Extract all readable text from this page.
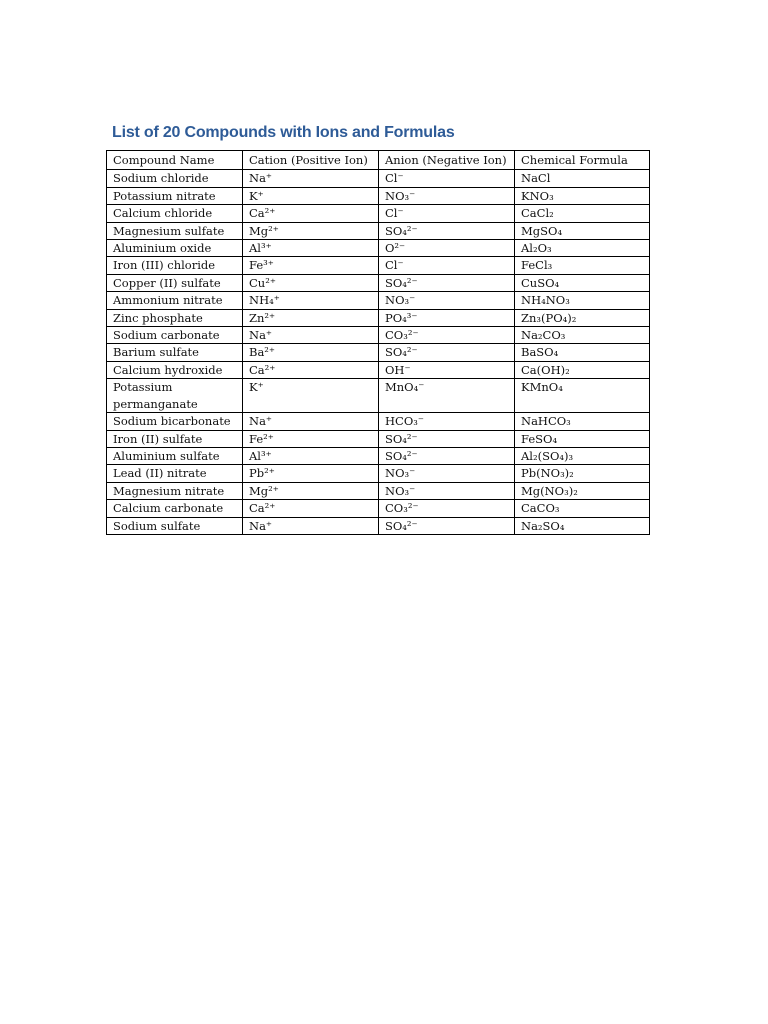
List of 20 Compounds with Ions and Formulas
Compound Name	Cation (Positive Ion)	Anion (Negative Ion)	Chemical Formula
Sodium chloride	Na⁺	Cl⁻	NaCl
Potassium nitrate	K⁺	NO₃⁻	KNO₃
Calcium chloride	Ca²⁺	Cl⁻	CaCl₂
Magnesium sulfate	Mg²⁺	SO₄²⁻	MgSO₄
Aluminium oxide	Al³⁺	O²⁻	Al₂O₃
Iron (III) chloride	Fe³⁺	Cl⁻	FeCl₃
Copper (II) sulfate	Cu²⁺	SO₄²⁻	CuSO₄
Ammonium nitrate	NH₄⁺	NO₃⁻	NH₄NO₃
Zinc phosphate	Zn²⁺	PO₄³⁻	Zn₃(PO₄)₂
Sodium carbonate	Na⁺	CO₃²⁻	Na₂CO₃
Barium sulfate	Ba²⁺	SO₄²⁻	BaSO₄
Calcium hydroxide	Ca²⁺	OH⁻	Ca(OH)₂
Potassium permanganate	K⁺	MnO₄⁻	KMnO₄
Sodium bicarbonate	Na⁺	HCO₃⁻	NaHCO₃
Iron (II) sulfate	Fe²⁺	SO₄²⁻	FeSO₄
Aluminium sulfate	Al³⁺	SO₄²⁻	Al₂(SO₄)₃
Lead (II) nitrate	Pb²⁺	NO₃⁻	Pb(NO₃)₂
Magnesium nitrate	Mg²⁺	NO₃⁻	Mg(NO₃)₂
Calcium carbonate	Ca²⁺	CO₃²⁻	CaCO₃
Sodium sulfate	Na⁺	SO₄²⁻	Na₂SO₄
